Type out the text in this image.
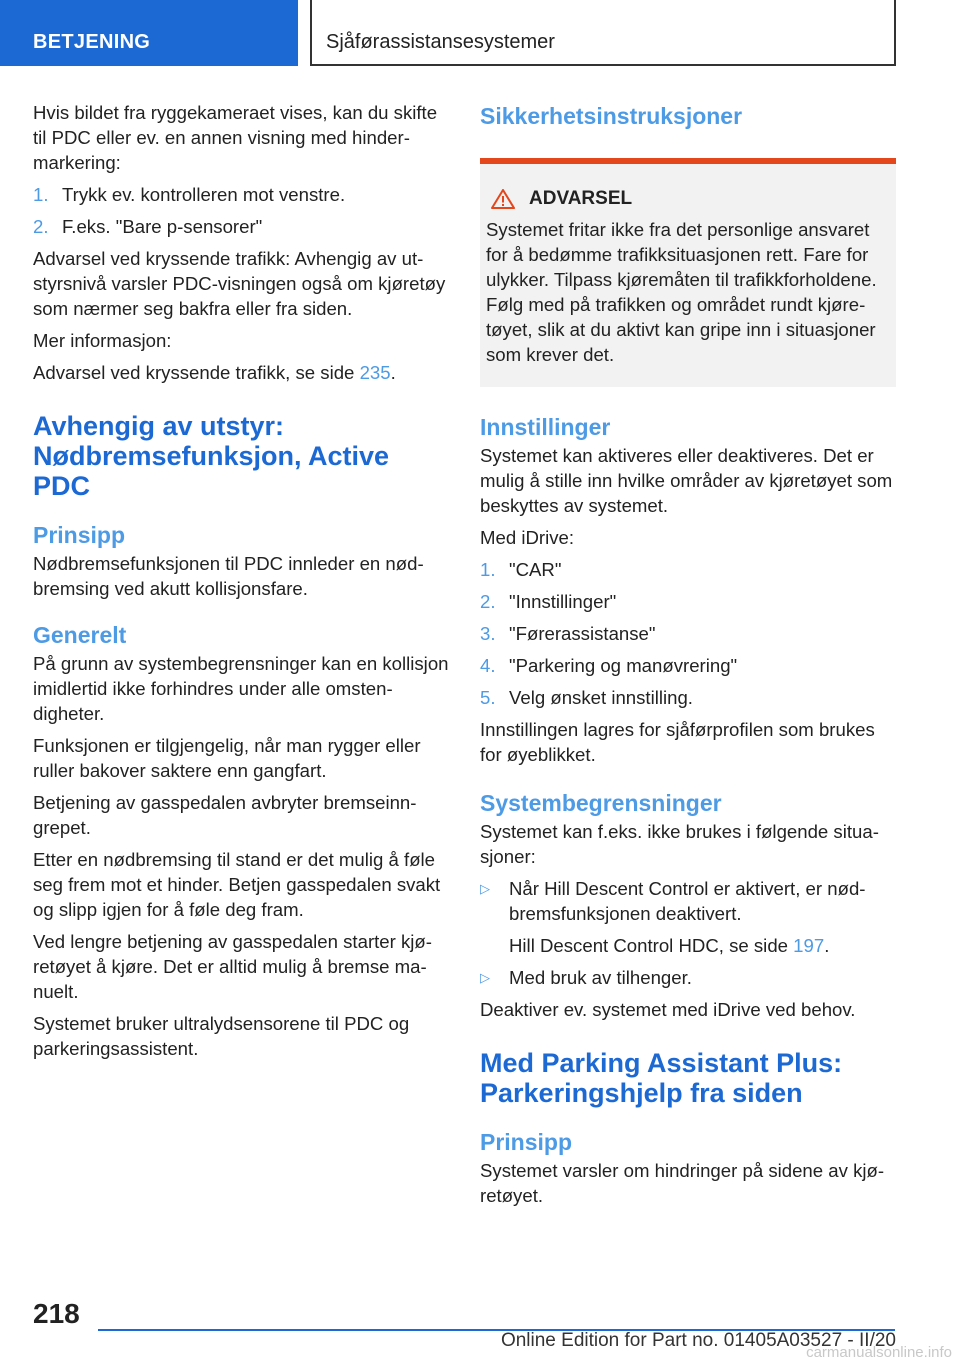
BETJENING	Sjåførassistansesystemer

Hvis bildet fra ryggekameraet vises, kan du skifte til PDC eller ev. en annen visning med hindermarkering:

1. Trykk ev. kontrolleren mot venstre.
2. F.eks. "Bare p-sensorer"

Advarsel ved kryssende trafikk: Avhengig av utstyrsnivå varsler PDC-visningen også om kjøretøy som nærmer seg bakfra eller fra siden.

Mer informasjon:

Advarsel ved kryssende trafikk, se side 235.

Avhengig av utstyr: Nødbremsefunksjon, Active PDC
Prinsipp

Nødbremsefunksjonen til PDC innleder en nødbremsing ved akutt kollisjonsfare.

Generelt

På grunn av systembegrensninger kan en kollisjon imidlertid ikke forhindres under alle omstendigheter.

Funksjonen er tilgjengelig, når man rygger eller ruller bakover saktere enn gangfart.

Betjening av gasspedalen avbryter bremseinngrepet.

Etter en nødbremsing til stand er det mulig å føle seg frem mot et hinder. Betjen gasspedalen svakt og slipp igjen for å føle deg fram.

Ved lengre betjening av gasspedalen starter kjøretøyet å kjøre. Det er alltid mulig å bremse manuelt.

Systemet bruker ultralydsensorene til PDC og parkeringsassistent.

Sikkerhetsinstruksjoner
ADVARSEL

Systemet fritar ikke fra det personlige ansvaret for å bedømme trafikksituasjonen rett. Fare for ulykker. Tilpass kjøremåten til trafikkforholdene. Følg med på trafikken og området rundt kjøretøyet, slik at du aktivt kan gripe inn i situasjoner som krever det.

Innstillinger

Systemet kan aktiveres eller deaktiveres. Det er mulig å stille inn hvilke områder av kjøretøyet som beskyttes av systemet.

Med iDrive:

1. "CAR"
2. "Innstillinger"
3. "Førerassistanse"
4. "Parkering og manøvrering"
5. Velg ønsket innstilling.

Innstillingen lagres for sjåførprofilen som brukes for øyeblikket.

Systembegrensninger

Systemet kan f.eks. ikke brukes i følgende situasjoner:

▷ Når Hill Descent Control er aktivert, er nødbremsfunksjonen deaktivert.
Hill Descent Control HDC, se side 197.
▷ Med bruk av tilhenger.

Deaktiver ev. systemet med iDrive ved behov.

Med Parking Assistant Plus: Parkeringshjelp fra siden
Prinsipp

Systemet varsler om hindringer på sidene av kjøretøyet.

218
Online Edition for Part no. 01405A03527 - II/20
carmanualsonline.info
